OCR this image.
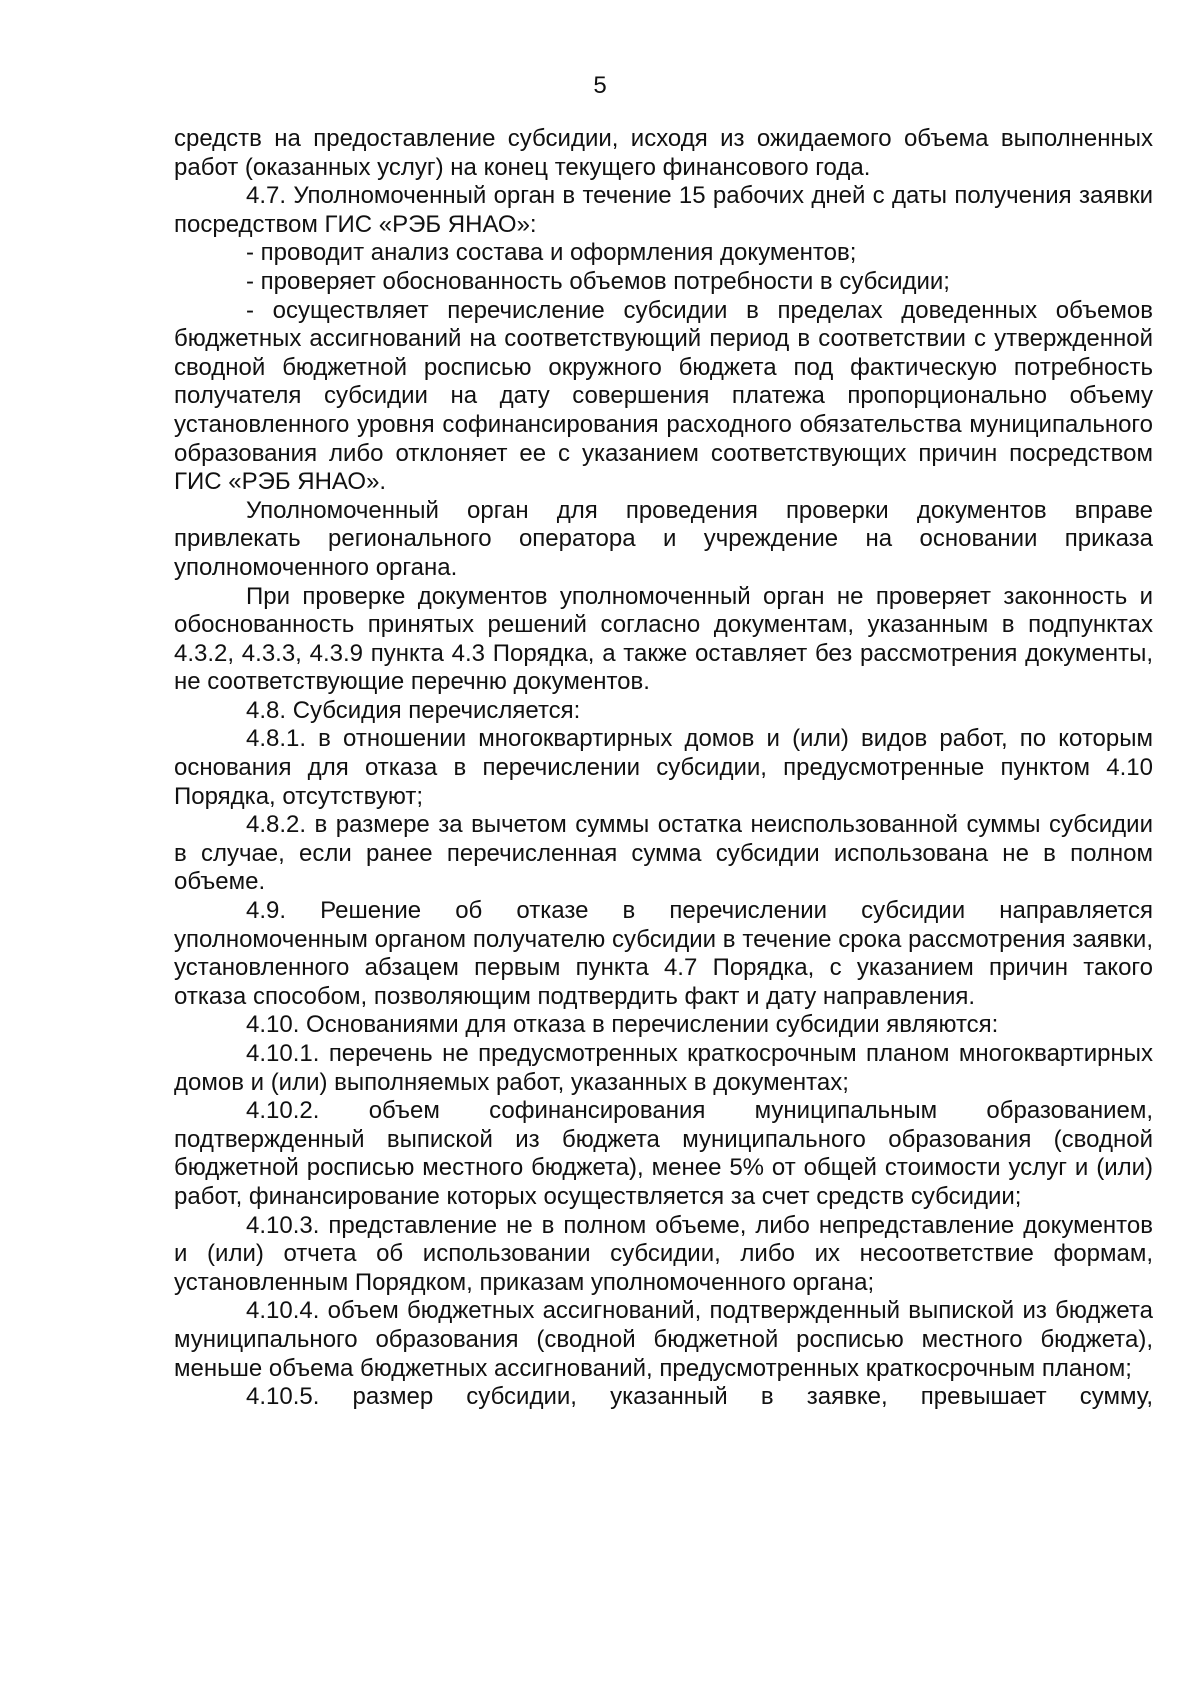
5

средств на предоставление субсидии, исходя из ожидаемого объема выполненных работ (оказанных услуг) на конец текущего финансового года.

4.7. Уполномоченный орган в течение 15 рабочих дней с даты получения заявки посредством ГИС «РЭБ ЯНАО»:

- проводит анализ состава и оформления документов;

- проверяет обоснованность объемов потребности в субсидии;

- осуществляет перечисление субсидии в пределах доведенных объемов бюджетных ассигнований на соответствующий период в соответствии с утвержденной сводной бюджетной росписью окружного бюджета под фактическую потребность получателя субсидии на дату совершения платежа пропорционально объему установленного уровня софинансирования расходного обязательства муниципального образования либо отклоняет ее с указанием соответствующих причин посредством ГИС «РЭБ ЯНАО».

Уполномоченный орган для проведения проверки документов вправе привлекать регионального оператора и учреждение на основании приказа уполномоченного органа.

При проверке документов уполномоченный орган не проверяет законность и обоснованность принятых решений согласно документам, указанным в подпунктах 4.3.2, 4.3.3, 4.3.9 пункта 4.3 Порядка, а также оставляет без рассмотрения документы, не соответствующие перечню документов.

4.8. Субсидия перечисляется:

4.8.1. в отношении многоквартирных домов и (или) видов работ, по которым основания для отказа в перечислении субсидии, предусмотренные пунктом 4.10 Порядка, отсутствуют;

4.8.2. в размере за вычетом суммы остатка неиспользованной суммы субсидии в случае, если ранее перечисленная сумма субсидии использована не в полном объеме.

4.9. Решение об отказе в перечислении субсидии направляется уполномоченным органом получателю субсидии в течение срока рассмотрения заявки, установленного абзацем первым пункта 4.7 Порядка, с указанием причин такого отказа способом, позволяющим подтвердить факт и дату направления.

4.10. Основаниями для отказа в перечислении субсидии являются:

4.10.1. перечень не предусмотренных краткосрочным планом многоквартирных домов и (или) выполняемых работ, указанных в документах;

4.10.2. объем софинансирования муниципальным образованием, подтвержденный выпиской из бюджета муниципального образования (сводной бюджетной росписью местного бюджета), менее 5% от общей стоимости услуг и (или) работ, финансирование которых осуществляется за счет средств субсидии;

4.10.3. представление не в полном объеме, либо непредставление документов и (или) отчета об использовании субсидии, либо их несоответствие формам, установленным Порядком, приказам уполномоченного органа;

4.10.4. объем бюджетных ассигнований, подтвержденный выпиской из бюджета муниципального образования (сводной бюджетной росписью местного бюджета), меньше объема бюджетных ассигнований, предусмотренных краткосрочным планом;

4.10.5. размер субсидии, указанный в заявке, превышает сумму,
